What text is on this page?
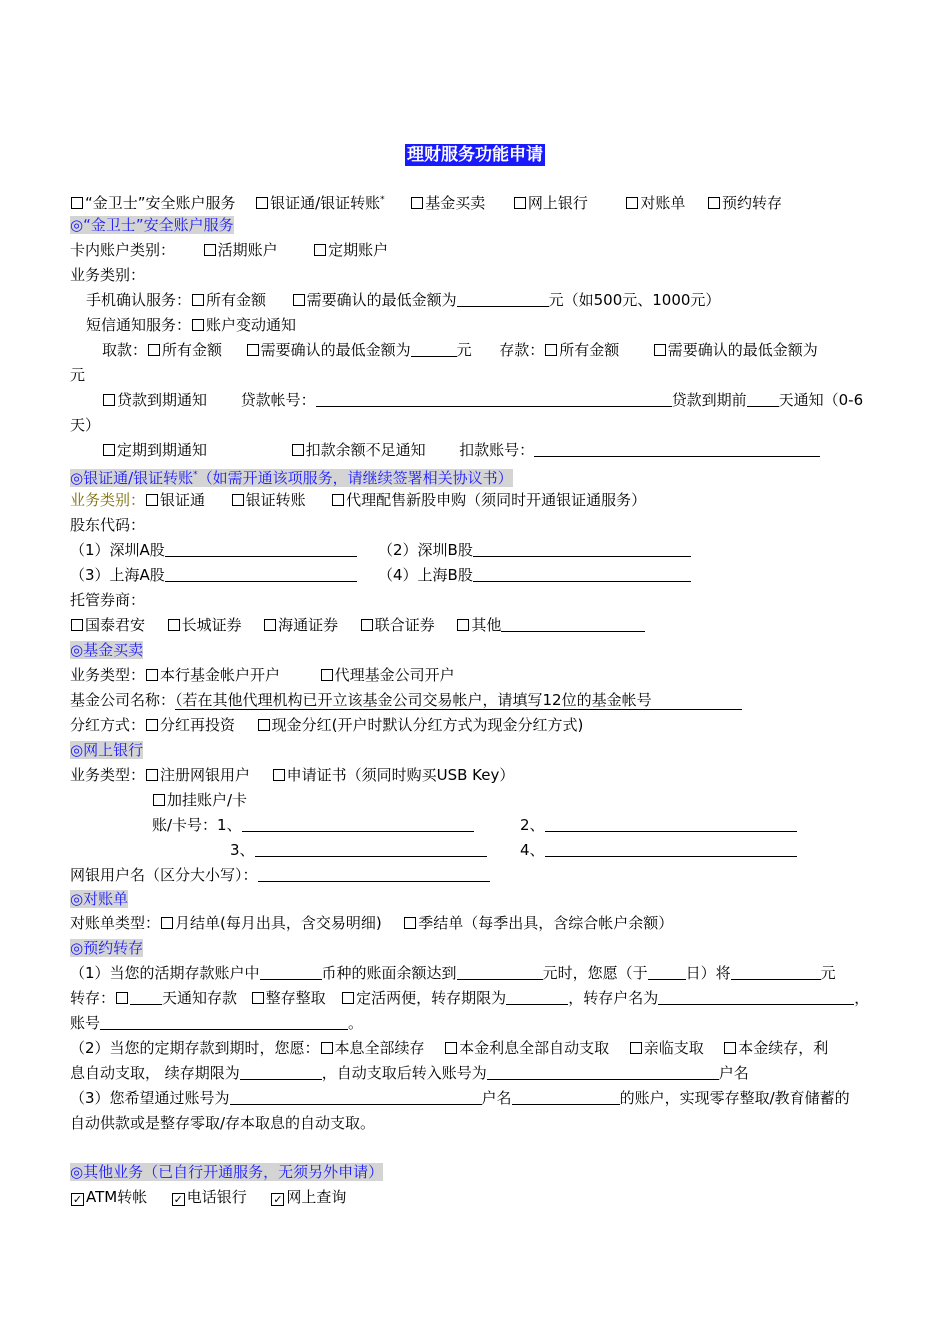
理财服务功能申请
“金卫士”安全账户服务 银证通/银证转账*	基金买卖	网上银行	对账单 预约转存
◎“金卫士”安全账户服务
卡内账户类别：	活期账户	定期账户
业务类别：
手机确认服务： 所有金额	需要确认的最低金额为	元（如500元、1000元）
短信通知服务： 账户变动通知
取款： 所有金额	需要确认的最低金额为	元 存款： 所有金额	需要确认的最低金额为
元
贷款到期通知 贷款帐号：	贷款到期前 天通知（0-6
天）
定期到期通知	扣款余额不足通知 扣款账号：
◎银证通/银证转账*（如需开通该项服务，请继续签署相关协议书）
业务类别： 银证通	银证转账	代理配售新股申购（须同时开通银证通服务）
股东代码：
（1）深圳A股	（2）深圳B股
（3）上海A股	（4）上海B股
托管券商：
国泰君安 长城证券 海通证券 联合证券 其他
◎基金买卖
业务类型： 本行基金帐户开户	代理基金公司开户
基金公司名称：（若在其他代理机构已开立该基金公司交易帐户，请填写12位的基金帐号
分红方式： 分红再投资 现金分红(开户时默认分红方式为现金分红方式)
◎网上银行
业务类型： 注册网银用户 申请证书（须同时购买USB Key）
加挂账户/卡
账/卡号：1、	2、
3、	4、
网银用户名（区分大小写）：
◎对账单
对账单类型： 月结单(每月出具，含交易明细) 季结单（每季出具，含综合帐户余额）
◎预约转存
（1）当您的活期存款账户中	币种的账面余额达到	元时，您愿（于	日）将	元
转存：	天通知存款 整存整取 定活两便，转存期限为	，转存户名为	，
账号	。
（2）当您的定期存款到期时，您愿： 本息全部续存 本金利息全部自动支取 亲临支取 本金续存，利
息自动支取， 续存期限为	，自动支取后转入账号为	户名
（3）您希望通过账号为	户名	的账户，实现零存整取/教育储蓄的
自动供款或是整存零取/存本取息的自动支取。
◎其他业务（已自行开通服务，无须另外申请）
✓ ATM转帐 ✓ 电话银行 ✓ 网上查询
